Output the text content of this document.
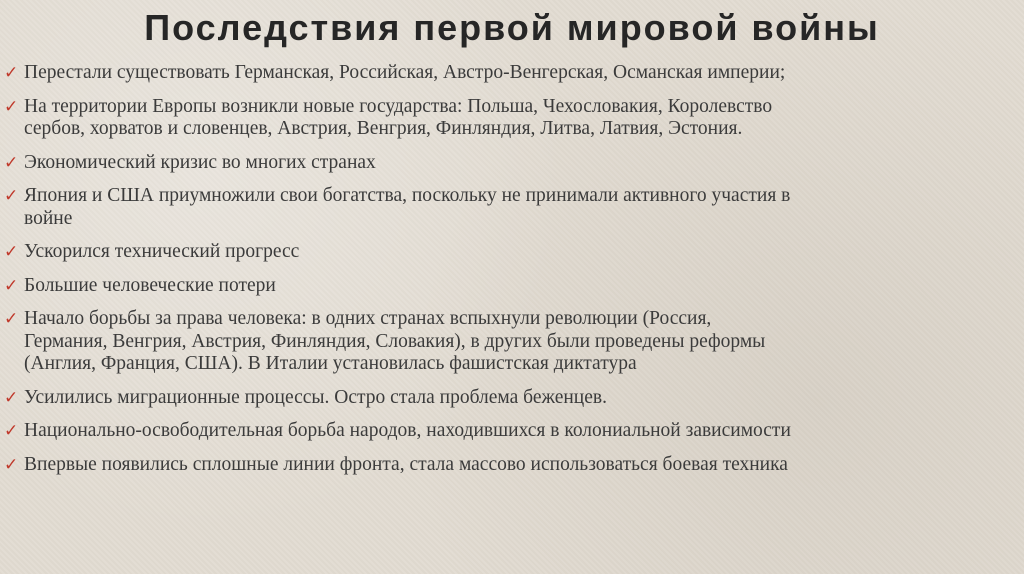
Последствия первой мировой войны
✓ Перестали существовать Германская, Российская, Австро-Венгерская, Османская империи;
✓ На территории Европы возникли новые государства: Польша, Чехословакия, Королевство
сербов, хорватов и словенцев, Австрия, Венгрия, Финляндия, Литва, Латвия, Эстония.
✓ Экономический кризис во многих странах
✓ Япония и США приумножили свои богатства, поскольку не принимали активного участия в
войне
✓ Ускорился технический прогресс
✓ Большие человеческие потери
✓ Начало борьбы за права человека: в одних странах вспыхнули революции (Россия,
Германия, Венгрия, Австрия, Финляндия, Словакия), в других были проведены реформы
(Англия, Франция, США). В Италии установилась фашистская диктатура
✓ Усилились миграционные процессы. Остро стала проблема беженцев.
✓ Национально-освободительная борьба народов, находившихся в колониальной зависимости
✓ Впервые появились сплошные линии фронта, стала массово использоваться боевая техника
